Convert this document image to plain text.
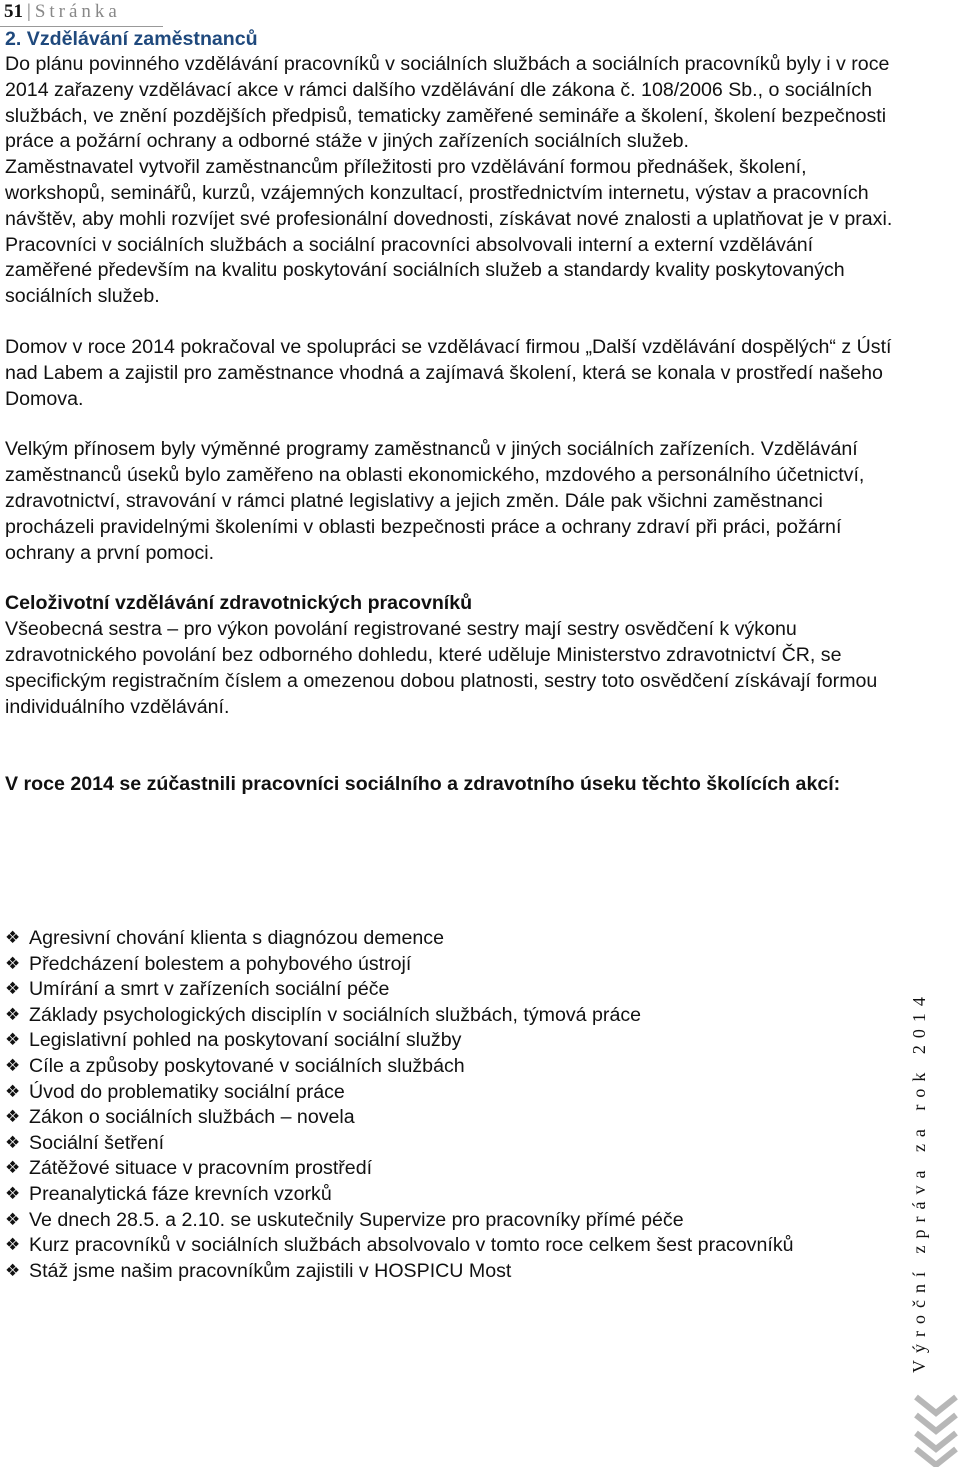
51 | Stránka
2. Vzdělávání zaměstnanců

Do plánu povinného vzdělávání pracovníků v sociálních službách a sociálních pracovníků byly i v roce 2014 zařazeny vzdělávací akce v rámci dalšího vzdělávání dle zákona č. 108/2006 Sb., o sociálních službách, ve znění pozdějších předpisů, tematicky zaměřené semináře a školení, školení bezpečnosti práce a požární ochrany a odborné stáže v jiných zařízeních sociálních služeb.

Zaměstnavatel vytvořil zaměstnancům příležitosti pro vzdělávání formou přednášek, školení, workshopů, seminářů, kurzů, vzájemných konzultací, prostřednictvím internetu, výstav a pracovních návštěv, aby mohli rozvíjet své profesionální dovednosti, získávat nové znalosti a uplatňovat je v praxi.

Pracovníci v sociálních službách a sociální pracovníci absolvovali interní a externí vzdělávání zaměřené především na kvalitu poskytování sociálních služeb a standardy kvality poskytovaných sociálních služeb.

Domov v roce 2014 pokračoval ve spolupráci se vzdělávací firmou „Další vzdělávání dospělých“ z Ústí nad Labem a zajistil pro zaměstnance vhodná a zajímavá školení, která se konala v prostředí našeho Domova.

Velkým přínosem byly výměnné programy zaměstnanců v jiných sociálních zařízeních. Vzdělávání zaměstnanců úseků bylo zaměřeno na oblasti ekonomického, mzdového a personálního účetnictví, zdravotnictví, stravování v rámci platné legislativy a jejich změn. Dále pak všichni zaměstnanci procházeli pravidelnými školeními v oblasti bezpečnosti práce a ochrany zdraví při práci, požární ochrany a první pomoci.

Celoživotní vzdělávání zdravotnických pracovníků

Všeobecná sestra – pro výkon povolání registrované sestry mají sestry osvědčení k výkonu zdravotnického povolání bez odborného dohledu, které uděluje Ministerstvo zdravotnictví ČR, se specifickým registračním číslem a omezenou dobou platnosti, sestry toto osvědčení získávají formou individuálního vzdělávání.

V roce 2014 se zúčastnili pracovníci sociálního a zdravotního úseku těchto školících akcí:

❖ Agresivní chování klienta s diagnózou demence
❖ Předcházení bolestem a pohybového ústrojí
❖ Umírání a smrt v zařízeních sociální péče
❖ Základy psychologických disciplín v sociálních službách, týmová práce
❖ Legislativní pohled na poskytovaní sociální služby
❖ Cíle a způsoby poskytované v sociálních službách
❖ Úvod do problematiky sociální práce
❖ Zákon o sociálních službách – novela
❖ Sociální šetření
❖ Zátěžové situace v pracovním prostředí
❖ Preanalytická fáze krevních vzorků
❖ Ve dnech 28.5. a 2.10. se uskutečnily Supervize pro pracovníky přímé péče
❖ Kurz pracovníků v sociálních službách absolvovalo v tomto roce celkem šest pracovníků
❖ Stáž jsme našim pracovníkům zajistili v HOSPICU Most	Výroční zpráva za rok 2014
